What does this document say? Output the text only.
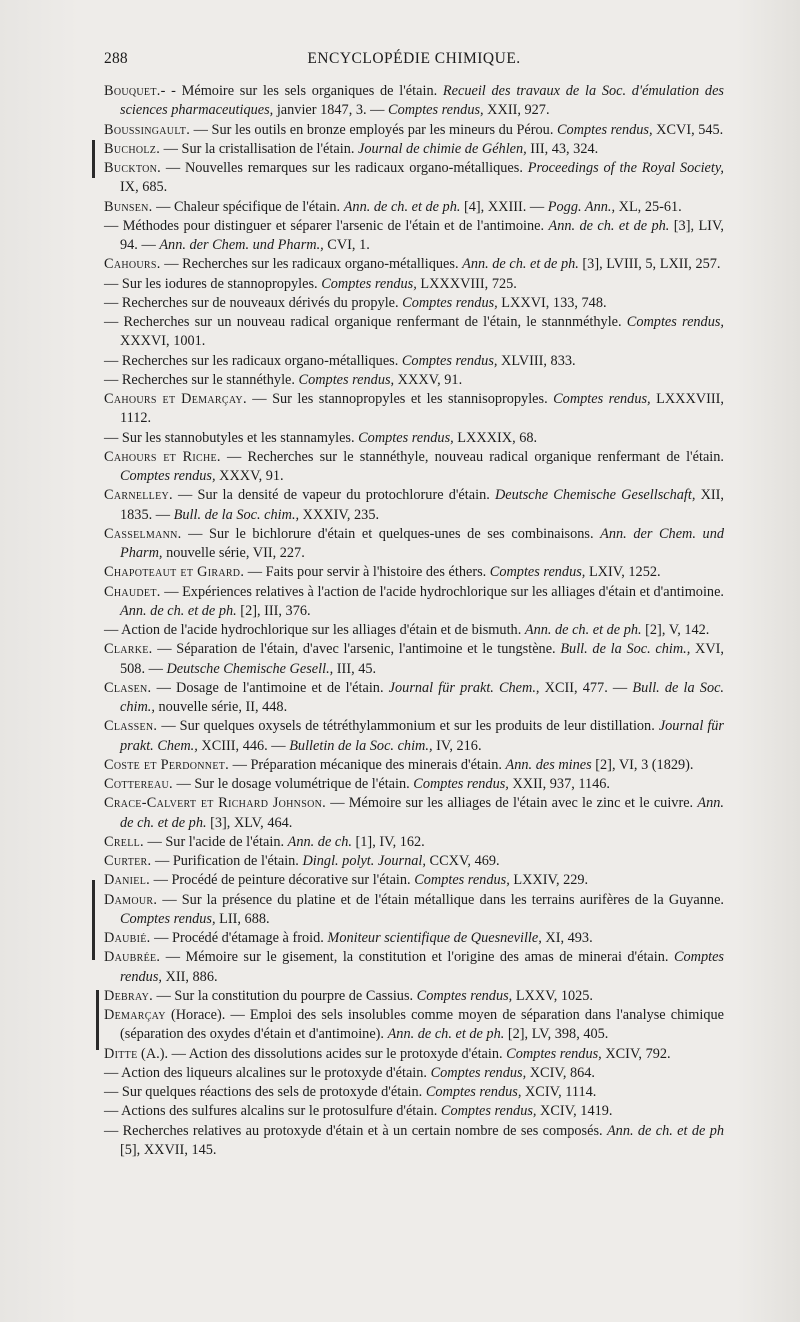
288	ENCYCLOPÉDIE CHIMIQUE.
Bouquet.- - Mémoire sur les sels organiques de l'étain. Recueil des travaux de la Soc. d'émulation des sciences pharmaceutiques, janvier 1847, 3. — Comptes rendus, XXII, 927.
Boussingault. — Sur les outils en bronze employés par les mineurs du Pérou. Comptes rendus, XCVI, 545.
Bucholz. — Sur la cristallisation de l'étain. Journal de chimie de Géhlen, III, 43, 324.
Buckton. — Nouvelles remarques sur les radicaux organo-métalliques. Proceedings of the Royal Society, IX, 685.
Bunsen. — Chaleur spécifique de l'étain. Ann. de ch. et de ph. [4], XXIII. — Pogg. Ann., XL, 25-61.
— Méthodes pour distinguer et séparer l'arsenic de l'étain et de l'antimoine. Ann. de ch. et de ph. [3], LIV, 94. — Ann. der Chem. und Pharm., CVI, 1.
Cahours. — Recherches sur les radicaux organo-métalliques. Ann. de ch. et de ph. [3], LVIII, 5, LXII, 257.
— Sur les iodures de stannopropyles. Comptes rendus, LXXXVIII, 725.
— Recherches sur de nouveaux dérivés du propyle. Comptes rendus, LXXVI, 133, 748.
— Recherches sur un nouveau radical organique renfermant de l'étain, le stannméthyle. Comptes rendus, XXXVI, 1001.
— Recherches sur les radicaux organo-métalliques. Comptes rendus, XLVIII, 833.
— Recherches sur le stannéthyle. Comptes rendus, XXXV, 91.
Cahours et Demarçay. — Sur les stannopropyles et les stannisopropyles. Comptes rendus, LXXXVIII, 1112.
— Sur les stannobutyles et les stannamyles. Comptes rendus, LXXXIX, 68.
Cahours et Riche. — Recherches sur le stannéthyle, nouveau radical organique renfermant de l'étain. Comptes rendus, XXXV, 91.
Carnelley. — Sur la densité de vapeur du protochlorure d'étain. Deutsche Chemische Gesellschaft, XII, 1835. — Bull. de la Soc. chim., XXXIV, 235.
Casselmann. — Sur le bichlorure d'étain et quelques-unes de ses combinaisons. Ann. der Chem. und Pharm, nouvelle série, VII, 227.
Chapoteaut et Girard. — Faits pour servir à l'histoire des éthers. Comptes rendus, LXIV, 1252.
Chaudet. — Expériences relatives à l'action de l'acide hydrochlorique sur les alliages d'étain et d'antimoine. Ann. de ch. et de ph. [2], III, 376.
— Action de l'acide hydrochlorique sur les alliages d'étain et de bismuth. Ann. de ch. et de ph. [2], V, 142.
Clarke. — Séparation de l'étain, d'avec l'arsenic, l'antimoine et le tungstène. Bull. de la Soc. chim., XVI, 508. — Deutsche Chemische Gesell., III, 45.
Clasen. — Dosage de l'antimoine et de l'étain. Journal für prakt. Chem., XCII, 477. — Bull. de la Soc. chim., nouvelle série, II, 448.
Classen. — Sur quelques oxysels de tétréthylammonium et sur les produits de leur distillation. Journal für prakt. Chem., XCIII, 446. — Bulletin de la Soc. chim., IV, 216.
Coste et Perdonnet. — Préparation mécanique des minerais d'étain. Ann. des mines [2], VI, 3 (1829).
Cottereau. — Sur le dosage volumétrique de l'étain. Comptes rendus, XXII, 937, 1146.
Crace-Calvert et Richard Johnson. — Mémoire sur les alliages de l'étain avec le zinc et le cuivre. Ann. de ch. et de ph. [3], XLV, 464.
Crell. — Sur l'acide de l'étain. Ann. de ch. [1], IV, 162.
Curter. — Purification de l'étain. Dingl. polyt. Journal, CCXV, 469.
Daniel. — Procédé de peinture décorative sur l'étain. Comptes rendus, LXXIV, 229.
Damour. — Sur la présence du platine et de l'étain métallique dans les terrains aurifères de la Guyanne. Comptes rendus, LII, 688.
Daubié. — Procédé d'étamage à froid. Moniteur scientifique de Quesneville, XI, 493.
Daubrée. — Mémoire sur le gisement, la constitution et l'origine des amas de minerai d'étain. Comptes rendus, XII, 886.
Debray. — Sur la constitution du pourpre de Cassius. Comptes rendus, LXXV, 1025.
Demarçay (Horace). — Emploi des sels insolubles comme moyen de séparation dans l'analyse chimique (séparation des oxydes d'étain et d'antimoine). Ann. de ch. et de ph. [2], LV, 398, 405.
Ditte (A.). — Action des dissolutions acides sur le protoxyde d'étain. Comptes rendus, XCIV, 792.
— Action des liqueurs alcalines sur le protoxyde d'étain. Comptes rendus, XCIV, 864.
— Sur quelques réactions des sels de protoxyde d'étain. Comptes rendus, XCIV, 1114.
— Actions des sulfures alcalins sur le protosulfure d'étain. Comptes rendus, XCIV, 1419.
— Recherches relatives au protoxyde d'étain et à un certain nombre de ses composés. Ann. de ch. et de ph [5], XXVII, 145.
